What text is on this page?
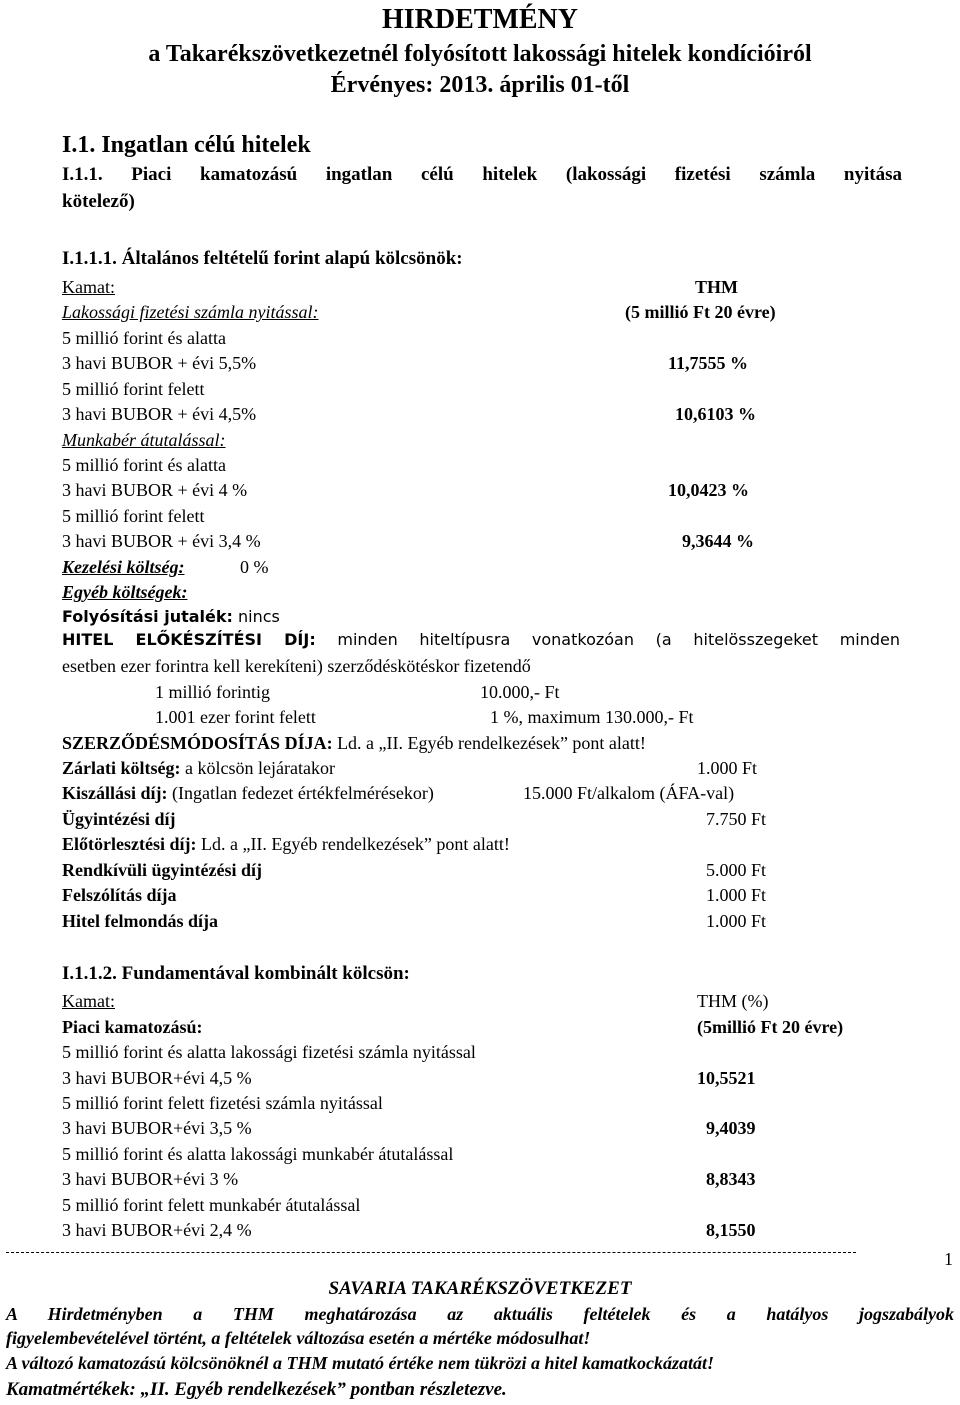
HIRDETMÉNY
a Takarékszövetkezetnél folyósított lakossági hitelek kondícióiról
Érvényes: 2013. április 01-től
I.1. Ingatlan célú hitelek
I.1.1. Piaci kamatozású ingatlan célú hitelek (lakossági fizetési számla nyitása
kötelező)
I.1.1.1. Általános feltételű forint alapú kölcsönök:
Kamat:	THM
Lakossági fizetési számla nyitással:	(5 millió Ft 20 évre)
5 millió forint és alatta
3 havi BUBOR + évi 5,5%	11,7555 %
5 millió forint felett
3 havi BUBOR + évi 4,5%	10,6103 %
Munkabér átutalással:
5 millió forint és alatta
3 havi BUBOR + évi 4 %	10,0423 %
5 millió forint felett
3 havi BUBOR + évi 3,4 %	9,3644 %
Kezelési költség:	0 %
Egyéb költségek:
Folyósítási jutalék: nincs
HITEL ELŐKÉSZÍTÉSI DÍJ: minden hiteltípusra vonatkozóan (a hitelösszegeket minden
esetben ezer forintra kell kerekíteni) szerződéskötéskor fizetendő
1 millió forintig	10.000,- Ft
1.001 ezer forint felett	1 %, maximum 130.000,- Ft
SZERZŐDÉSMÓDOSÍTÁS DÍJA: Ld. a „II. Egyéb rendelkezések” pont alatt!
Zárlati költség: a kölcsön lejáratakor	1.000 Ft
Kiszállási díj: (Ingatlan fedezet értékfelmérésekor)	15.000 Ft/alkalom (ÁFA-val)
Ügyintézési díj	7.750 Ft
Előtörlesztési díj: Ld. a „II. Egyéb rendelkezések” pont alatt!
Rendkívüli ügyintézési díj	5.000 Ft
Felszólítás díja	1.000 Ft
Hitel felmondás díja	1.000 Ft
I.1.1.2. Fundamentával kombinált kölcsön:
Kamat:	THM (%)
Piaci kamatozású:	(5millió Ft 20 évre)
5 millió forint és alatta lakossági fizetési számla nyitással
3 havi BUBOR+évi 4,5 %	10,5521
5 millió forint felett fizetési számla nyitással
3 havi BUBOR+évi 3,5 %	9,4039
5 millió forint és alatta lakossági munkabér átutalással
3 havi BUBOR+évi 3 %	8,8343
5 millió forint felett munkabér átutalással
3 havi BUBOR+évi 2,4 %	8,1550
1
SAVARIA TAKARÉKSZÖVETKEZET
A Hirdetményben a THM meghatározása az aktuális feltételek és a hatályos jogszabályok
figyelembevételével történt, a feltételek változása esetén a mértéke módosulhat!
A változó kamatozású kölcsönöknél a THM mutató értéke nem tükrözi a hitel kamatkockázatát!
Kamatmértékek: „II. Egyéb rendelkezések” pontban részletezve.
